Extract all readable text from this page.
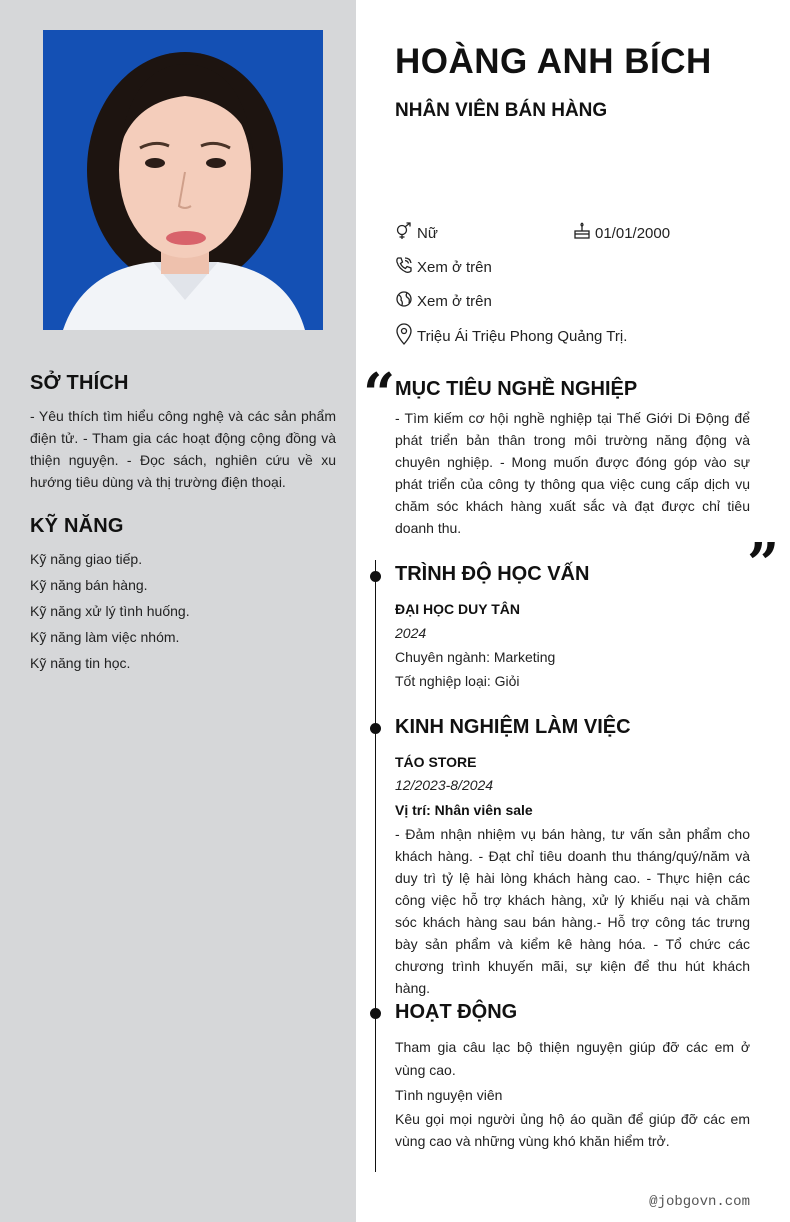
SỞ THÍCH
- Yêu thích tìm hiểu công nghệ và các sản phẩm điện tử. - Tham gia các hoạt động cộng đồng và thiện nguyện. - Đọc sách, nghiên cứu về xu hướng tiêu dùng và thị trường điện thoại.
KỸ NĂNG
Kỹ năng giao tiếp.
Kỹ năng bán hàng.
Kỹ năng xử lý tình huống.
Kỹ năng làm việc nhóm.
Kỹ năng tin học.
HOÀNG ANH BÍCH
NHÂN VIÊN BÁN HÀNG
Nữ	01/01/2000
Xem ở trên
Xem ở trên
Triệu Ái Triệu Phong Quảng Trị.
“ MỤC TIÊU NGHỀ NGHIỆP
- Tìm kiếm cơ hội nghề nghiệp tại Thế Giới Di Động để phát triển bản thân trong môi trường năng động và chuyên nghiệp. - Mong muốn được đóng góp vào sự phát triển của công ty thông qua việc cung cấp dịch vụ chăm sóc khách hàng xuất sắc và đạt được chỉ tiêu doanh thu.
”
TRÌNH ĐỘ HỌC VẤN
ĐẠI HỌC DUY TÂN
2024
Chuyên ngành: Marketing
Tốt nghiệp loại: Giỏi
KINH NGHIỆM LÀM VIỆC
TÁO STORE
12/2023-8/2024
Vị trí: Nhân viên sale
- Đảm nhận nhiệm vụ bán hàng, tư vấn sản phẩm cho khách hàng. - Đạt chỉ tiêu doanh thu tháng/quý/năm và duy trì tỷ lệ hài lòng khách hàng cao. - Thực hiện các công việc hỗ trợ khách hàng, xử lý khiếu nại và chăm sóc khách hàng sau bán hàng.- Hỗ trợ công tác trưng bày sản phẩm và kiểm kê hàng hóa. - Tổ chức các chương trình khuyến mãi, sự kiện để thu hút khách hàng.
HOẠT ĐỘNG
Tham gia câu lạc bộ thiện nguyện giúp đỡ các em ở vùng cao.
Tình nguyện viên
Kêu gọi mọi người ủng hộ áo quần để giúp đỡ các em vùng cao và những vùng khó khăn hiểm trở.
@jobgovn.com
